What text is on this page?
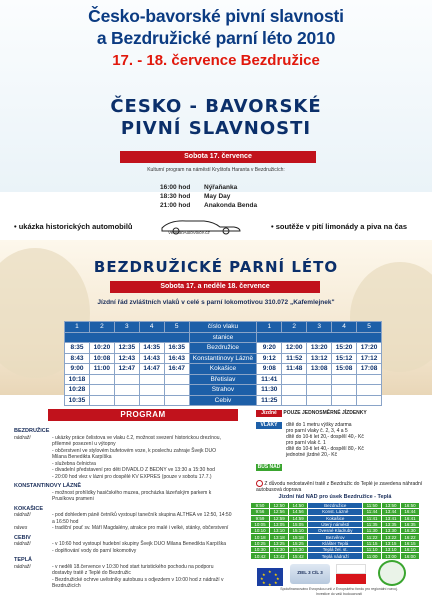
Česko-bavorské pivní slavnosti
a Bezdružické parní léto 2010
17. - 18. července Bezdružice
ČESKO - BAVORSKÉ
PIVNÍ SLAVNOSTI
Sobota 17. července
Kulturní program na náměstí Kryštofa Haranta v Bezdružicích:
16:00 hod Nýřaňanka
18:30 hod May Day
21:00 hod Anakonda Benda
• ukázka historických automobilů
VeteranAutoVoice.cz
• soutěže v pití limonády a piva na čas
BEZDRUŽICKÉ PARNÍ LÉTO
Sobota 17. a neděle 18. července
Jízdní řád zvláštních vlaků v celé s parní lokomotivou 310.072 „Kafemlejnek"
1	2	3	4	5	číslo vlaku	1	2	3	4	5
					stanice					
8:35	10:20	12:35	14:35	16:35	Bezdružice	9:20	12:00	13:20	15:20	17:20
8:43	10:08	12:43	14:43	16:43	Konstantinovy Lázně	9:12	11:52	13:12	15:12	17:12
9:00	11:00	12:47	14:47	16:47	Kokašice	9:08	11:48	13:08	15:08	17:08
10:18					Břetislav	11:41				
10:28					Strahov	11:30				
10:35					Cebiv	11:25				
PROGRAM
BEZDRUŽICE
nádraží	- ukázky práce čelistova ve vlaku č.2, možnost svezení historickou drezínou, přilemné posezení u výtopny
- občerstvení ve stylovém bufetovém voze, k poslechu zahraje Švejk DUO Milana Benedikta Karpíška
- služebna čelnictva
- divadelní představení pro děti DIVADLO Z BEDNY ve 13:30 a 15:30 hod
- 20:00 hod vlez v lázni pro dospělé KV EXPRES (pouze v sobotu 17.7.)
KONSTANTINOVY LÁZNĚ
- možnost prohlídky hasičského muzea, procházka lázeňským parkem k Prusíkovu prameni
KOKAŠICE
nádraží	- pod dohledem páně četníků vystoupí tanečník skupina ALTHEA ve 12:50, 14:50 a 16:50 hod
náves	- tradiční pouť sv. Máří Magdalény, atrakce pro malé i velké, stánky, občerstvení
CEBIV
nádraží	- v 10:60 hod vystoupí hudební skupiny Švejk DUO Milana Benedikta Karpíška
- doplňování vody do parní lokomotivy
TEPLÁ
nádraží	- v neděli 18.července v 10:30 hod start turistického pochodu na podporu dostavby tratě z Teplé do Bezdružic
- Bezdružické ochrve uvěstníky autobusu s odjezdem v 10:00 hod z nádraží v Bezdružicích
Jízdné POUZE JEDNOSMĚRNÉ JÍZDENKY
VLAKY	dítě do 1 metru výšky zdarma
pro parní vlaky č. 2, 3, 4 a 5
dítě do 10-ti let 20,- dospělí 40,- Kč
pro parní vlak č. 1
dítě do 10-ti let 40,- dospělí 80,- Kč
jednotné jízdné 20,- Kč
BUS NAD
Z důvodu nedostavění tratě z Bezdružic do Teplé je zavedena náhradní autobusová doprava
Jízdní řád NAD pro úsek Bezdružice - Teplá
9:50	12:50	14:50	Bezdružice	11:50	13:50	16:50
9:56	12:56	14:56	Konst. Lázně	11:44	13:44	16:44
9:59	12:59	14:59	Kokašice	11:41	13:41	16:41
10:05	13:05	15:05	Úterý náměstí	11:35	13:35	16:35
10:10	13:10	15:10	Ovesné Kladruby	11:30	13:30	16:30
10:18	13:18	15:18	Bezvěrov	11:22	13:22	16:22
10:25	13:25	15:25	Klášter Teplá	11:15	13:15	16:15
10:30	13:30	15:30	Teplá žel. st.	11:10	13:10	16:10
10:42	13:42	15:42	Teplá nádraží	11:00	13:00	16:00
★
★ ★
★	★
★ ★
★
ZIEL 3 CÍL 3
Spolufinancováno Evropskou unií z Evropského fondu pro regionální rozvoj.
Investice do vaší budoucnosti
